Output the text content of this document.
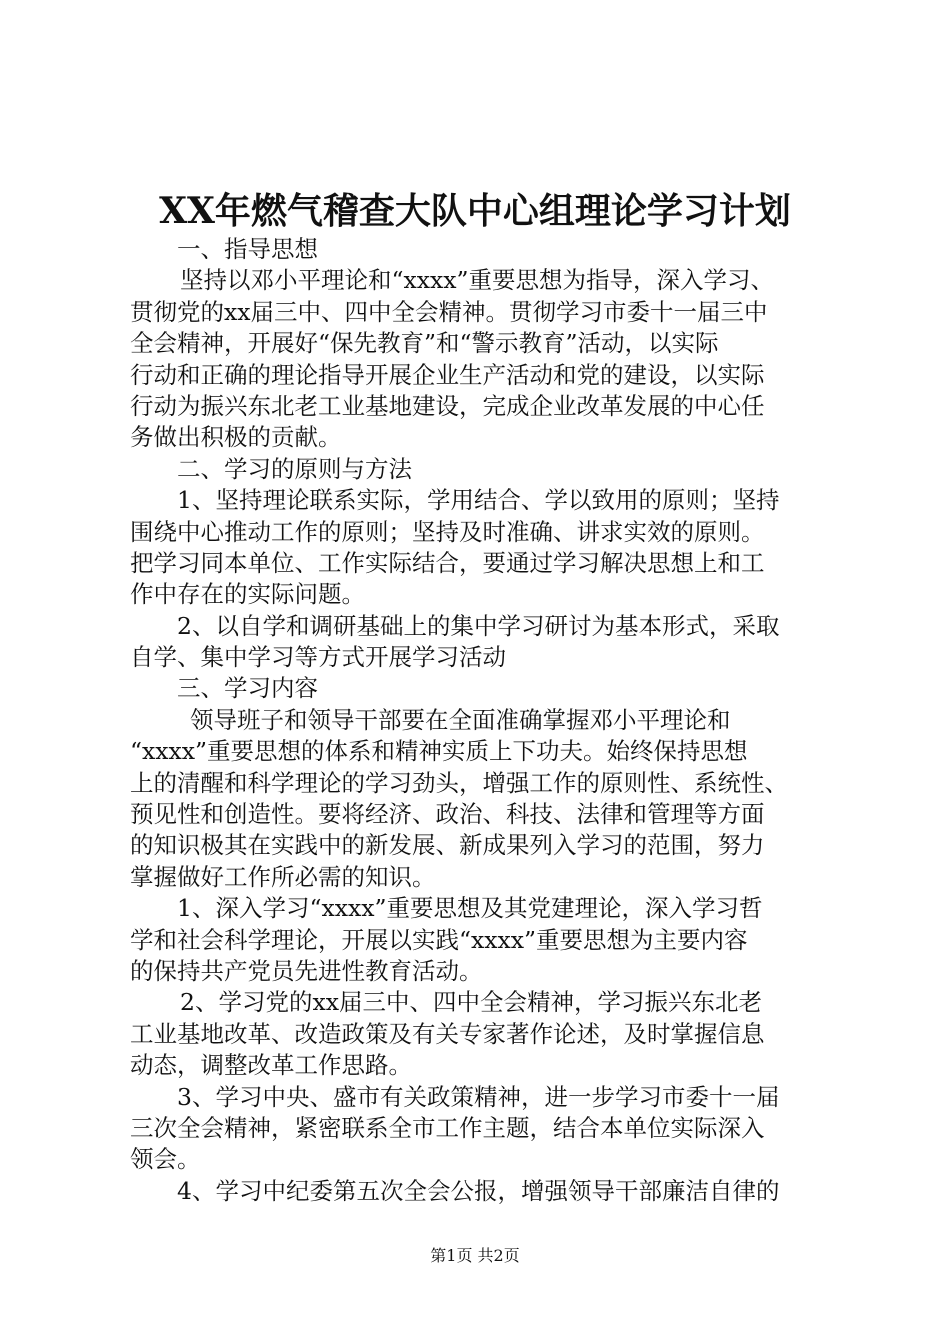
XX年燃气稽查大队中心组理论学习计划
一、指导思想
坚持以邓小平理论和“xxxx”重要思想为指导，深入学习、
贯彻党的xx届三中、四中全会精神。贯彻学习市委十一届三中
全会精神，开展好“保先教育”和“警示教育”活动，以实际
行动和正确的理论指导开展企业生产活动和党的建设，以实际
行动为振兴东北老工业基地建设，完成企业改革发展的中心任
务做出积极的贡献。
二、学习的原则与方法
1、坚持理论联系实际，学用结合、学以致用的原则；坚持
围绕中心推动工作的原则；坚持及时准确、讲求实效的原则。
把学习同本单位、工作实际结合，要通过学习解决思想上和工
作中存在的实际问题。
2、以自学和调研基础上的集中学习研讨为基本形式，采取
自学、集中学习等方式开展学习活动
三、学习内容
领导班子和领导干部要在全面准确掌握邓小平理论和
“xxxx”重要思想的体系和精神实质上下功夫。始终保持思想
上的清醒和科学理论的学习劲头，增强工作的原则性、系统性、
预见性和创造性。要将经济、政治、科技、法律和管理等方面
的知识极其在实践中的新发展、新成果列入学习的范围，努力
掌握做好工作所必需的知识。
1、深入学习“xxxx”重要思想及其党建理论，深入学习哲
学和社会科学理论，开展以实践“xxxx”重要思想为主要内容
的保持共产党员先进性教育活动。
2、学习党的xx届三中、四中全会精神，学习振兴东北老
工业基地改革、改造政策及有关专家著作论述，及时掌握信息
动态，调整改革工作思路。
3、学习中央、盛市有关政策精神，进一步学习市委十一届
三次全会精神，紧密联系全市工作主题，结合本单位实际深入
领会。
4、学习中纪委第五次全会公报，增强领导干部廉洁自律的
第1页 共2页
